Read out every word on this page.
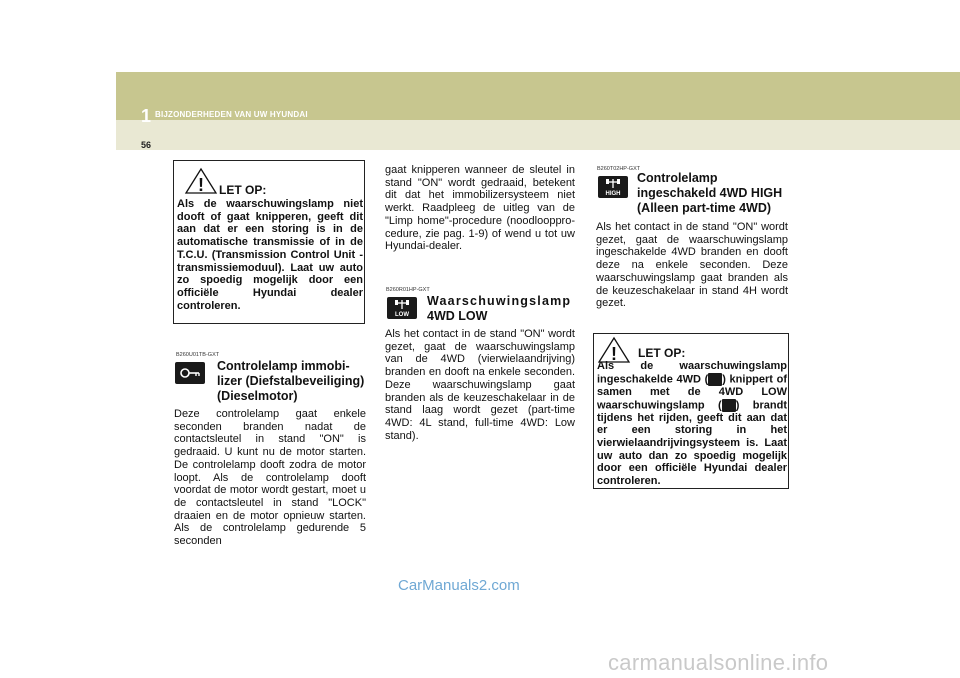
1 BIJZONDERHEDEN VAN UW HYUNDAI
56
! LET OP:
Als de waarschuwingslamp niet dooft of gaat knipperen, geeft dit aan dat er een storing is in de automatische transmissie of in de T.C.U. (Transmission Control Unit - transmissiemoduul). Laat uw auto zo spoedig mogelijk door een officiële Hyundai dealer controleren.
B260U01TB-GXT
Controlelamp immobi-
lizer (Diefstalbeveiliging)
(Dieselmotor)
Deze controlelamp gaat enkele seconden branden nadat de contactsleutel in stand "ON" is gedraaid. U kunt nu de motor starten. De controlelamp dooft zodra de motor loopt. Als de controlelamp dooft voordat de motor wordt gestart, moet u de contactsleutel in stand "LOCK" draaien en de motor opnieuw starten. Als de controlelamp gedurende 5 seconden
gaat knipperen wanneer de sleutel in stand "ON" wordt gedraaid, betekent dit dat het immobilizersysteem niet werkt. Raadpleeg de uitleg van de "Limp home"-procedure (noodlooppro-cedure, zie pag. 1-9) of wend u tot uw Hyundai-dealer.
B260R01HP-GXT
LOW
Waarschuwingslamp
4WD LOW
Als het contact in de stand "ON" wordt gezet, gaat de waarschuwingslamp van de 4WD (vierwielaandrijving) branden en dooft na enkele seconden. Deze waarschuwingslamp gaat branden als de keuzeschakelaar in de stand laag wordt gezet (part-time 4WD: 4L stand, full-time 4WD: Low stand).
B260T02HP-GXT
HIGH
Controlelamp
ingeschakeld 4WD HIGH
(Alleen part-time 4WD)
Als het contact in de stand "ON" wordt gezet, gaat de waarschuwingslamp ingeschakelde 4WD branden en dooft deze na enkele seconden. Deze waarschuwingslamp gaat branden als de keuzeschakelaar in stand 4H wordt gezet.
! LET OP:
Als de waarschuwingslamp ingeschakelde 4WD ( ) knippert of samen met de 4WD LOW waarschuwingslamp ( ) brandt tijdens het rijden, geeft dit aan dat er een storing in het vierwielaandrijvingsysteem is. Laat uw auto dan zo spoedig mogelijk door een officiële Hyundai dealer controleren.
CarManuals2.com
carmanualsonline.info
